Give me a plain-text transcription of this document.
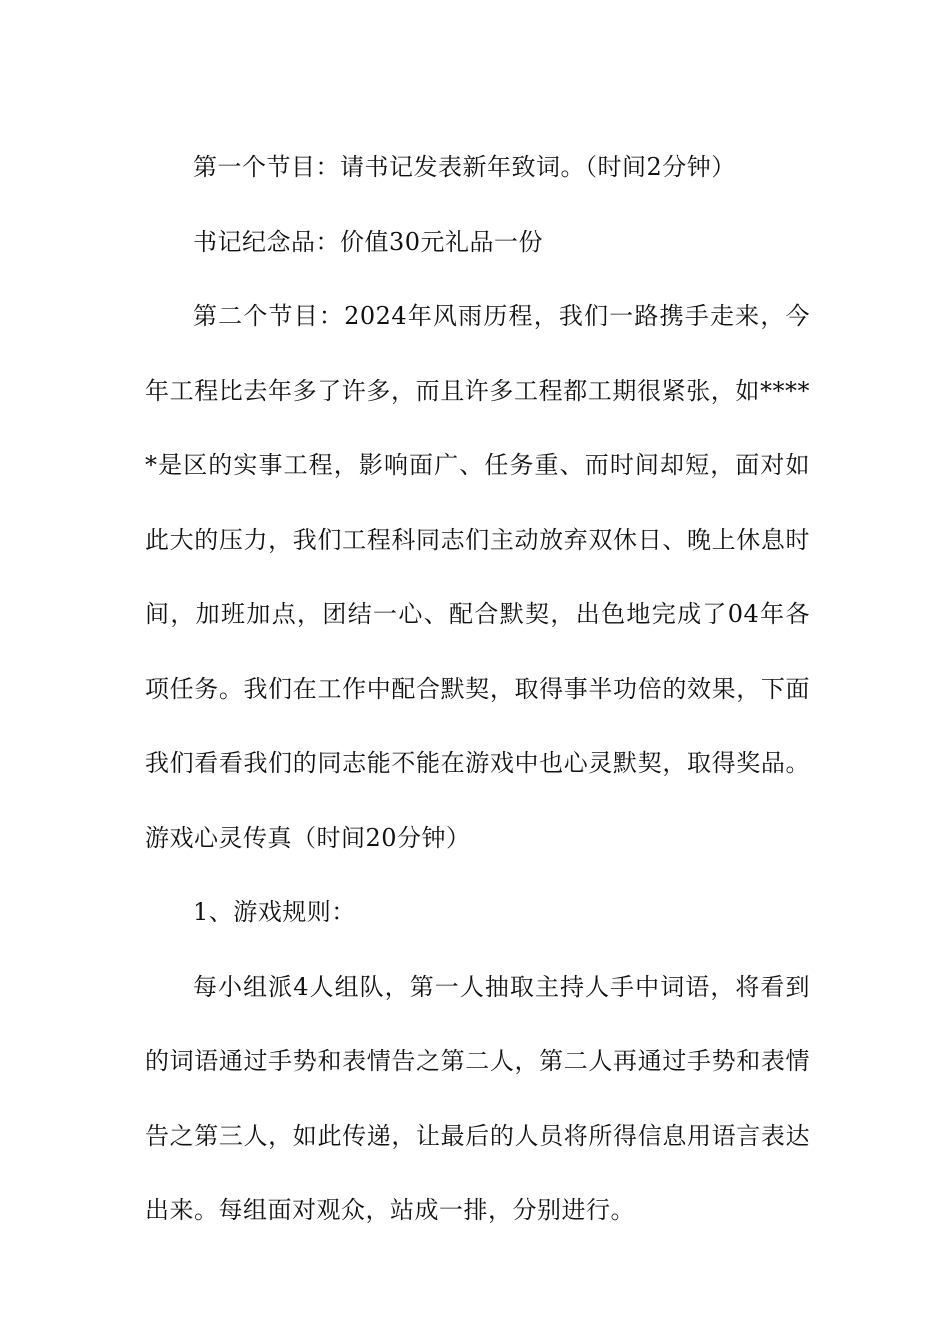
第一个节目：请书记发表新年致词。（时间2分钟）

书记纪念品：价值30元礼品一份

第二个节目：2024年风雨历程，我们一路携手走来，今年工程比去年多了许多，而且许多工程都工期很紧张，如*****是区的实事工程，影响面广、任务重、而时间却短，面对如此大的压力，我们工程科同志们主动放弃双休日、晚上休息时间，加班加点，团结一心、配合默契，出色地完成了04年各项任务。我们在工作中配合默契，取得事半功倍的效果，下面我们看看我们的同志能不能在游戏中也心灵默契，取得奖品。游戏心灵传真（时间20分钟）

1、游戏规则：

每小组派4人组队，第一人抽取主持人手中词语，将看到的词语通过手势和表情告之第二人，第二人再通过手势和表情告之第三人，如此传递，让最后的人员将所得信息用语言表达出来。每组面对观众，站成一排，分别进行。
